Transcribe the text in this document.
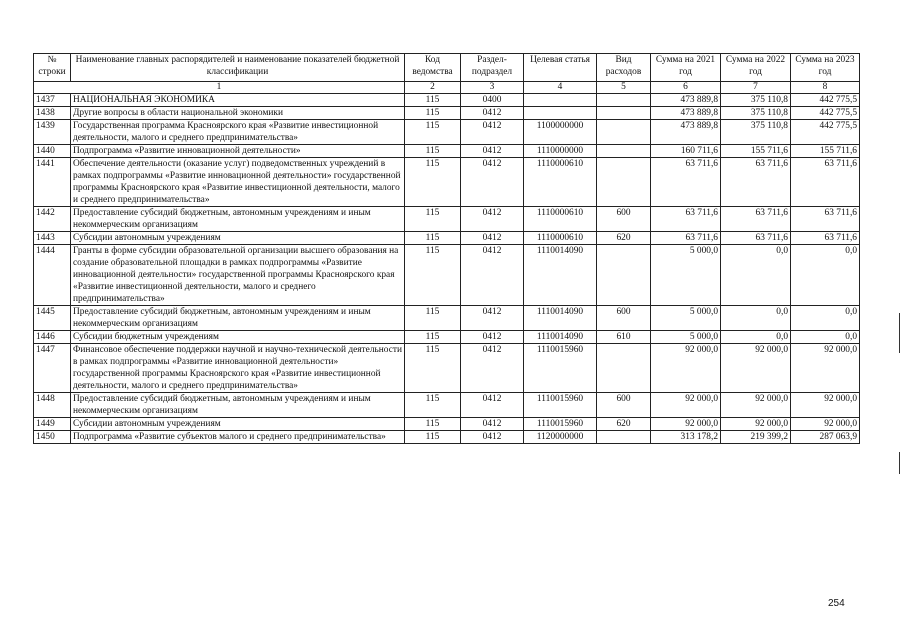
№ строки	Наименование главных распорядителей и наименование показателей бюджетной классификации	Код ведомства	Раздел-подраздел	Целевая статья	Вид расходов	Сумма на 2021 год	Сумма на 2022 год	Сумма на 2023 год
1		2	3	4	5	6	7	8
1437	НАЦИОНАЛЬНАЯ ЭКОНОМИКА	115	0400			473 889,8	375 110,8	442 775,5
1438	Другие вопросы в области национальной экономики	115	0412			473 889,8	375 110,8	442 775,5
1439	Государственная программа Красноярского края «Развитие инвестиционной деятельности, малого и среднего предпринимательства»	115	0412	1100000000		473 889,8	375 110,8	442 775,5
1440	Подпрограмма «Развитие инновационной деятельности»	115	0412	1110000000		160 711,6	155 711,6	155 711,6
1441	Обеспечение деятельности (оказание услуг) подведомственных учреждений в рамках подпрограммы «Развитие инновационной деятельности» государственной программы Красноярского края «Развитие инвестиционной деятельности, малого и среднего предпринимательства»	115	0412	1110000610		63 711,6	63 711,6	63 711,6
1442	Предоставление субсидий бюджетным, автономным учреждениям и иным некоммерческим организациям	115	0412	1110000610	600	63 711,6	63 711,6	63 711,6
1443	Субсидии автономным учреждениям	115	0412	1110000610	620	63 711,6	63 711,6	63 711,6
1444	Гранты в форме субсидии образовательной организации высшего образования на создание образовательной площадки в рамках подпрограммы «Развитие инновационной деятельности» государственной программы Красноярского края «Развитие инвестиционной деятельности, малого и среднего предпринимательства»	115	0412	1110014090		5 000,0	0,0	0,0
1445	Предоставление субсидий бюджетным, автономным учреждениям и иным некоммерческим организациям	115	0412	1110014090	600	5 000,0	0,0	0,0
1446	Субсидии бюджетным учреждениям	115	0412	1110014090	610	5 000,0	0,0	0,0
1447	Финансовое обеспечение поддержки научной и научно-технической деятельности в рамках подпрограммы «Развитие инновационной деятельности» государственной программы Красноярского края «Развитие инвестиционной деятельности, малого и среднего предпринимательства»	115	0412	1110015960		92 000,0	92 000,0	92 000,0
1448	Предоставление субсидий бюджетным, автономным учреждениям и иным некоммерческим организациям	115	0412	1110015960	600	92 000,0	92 000,0	92 000,0
1449	Субсидии автономным учреждениям	115	0412	1110015960	620	92 000,0	92 000,0	92 000,0
1450	Подпрограмма «Развитие субъектов малого и среднего предпринимательства»	115	0412	1120000000		313 178,2	219 399,2	287 063,9
254
